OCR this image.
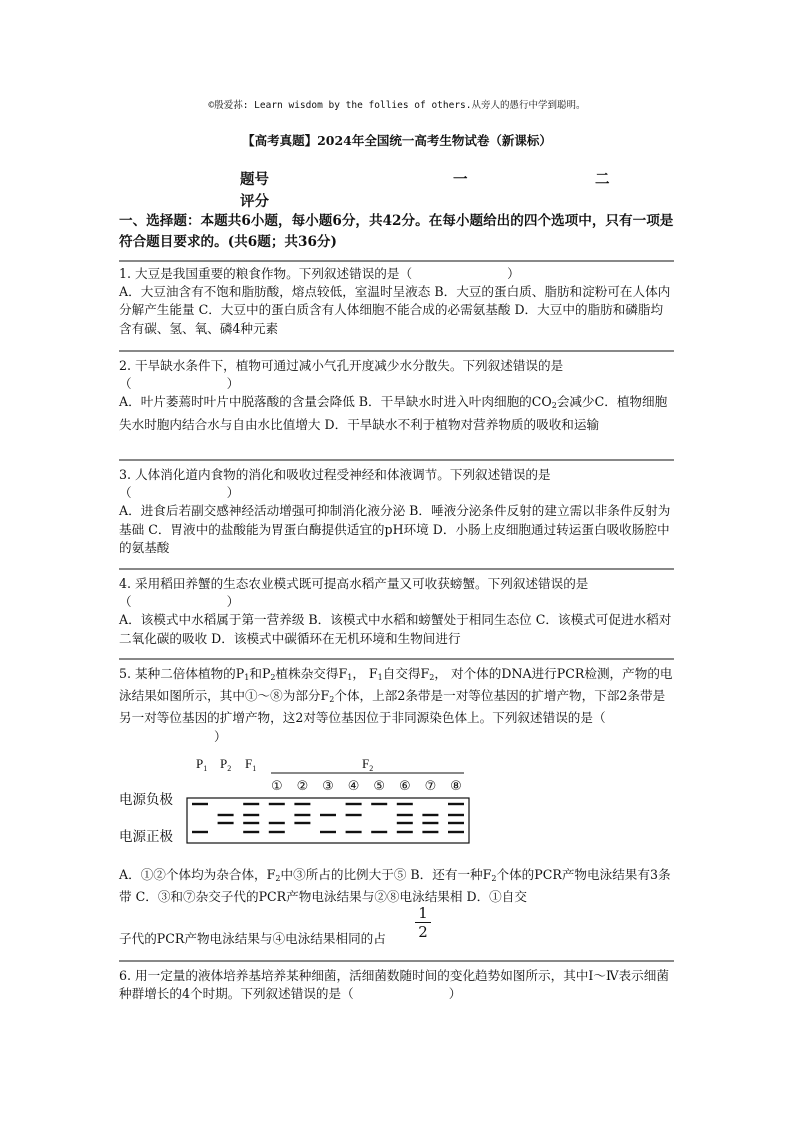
©殷爱荪: Learn wisdom by the follies of others.从旁人的愚行中学到聪明。
【高考真题】2024年全国统一高考生物试卷（新课标）
题号	一	二
评分
一、选择题：本题共6小题，每小题6分，共42分。在每小题给出的四个选项中，只有一项是符合题目要求的。(共6题；共36分)
1. 大豆是我国重要的粮食作物。下列叙述错误的是（	）
A．大豆油含有不饱和脂肪酸，熔点较低，室温时呈液态 B．大豆的蛋白质、脂肪和淀粉可在人体内分解产生能量 C．大豆中的蛋白质含有人体细胞不能合成的必需氨基酸 D．大豆中的脂肪和磷脂均含有碳、氢、氧、磷4种元素
2. 干旱缺水条件下，植物可通过减小气孔开度减少水分散失。下列叙述错误的是
（	）
A．叶片萎蔫时叶片中脱落酸的含量会降低 B．干旱缺水时进入叶肉细胞的$CO_2$会减少C．植物细胞失水时胞内结合水与自由水比值增大 D．干旱缺水不利于植物对营养物质的吸收和运输
3. 人体消化道内食物的消化和吸收过程受神经和体液调节。下列叙述错误的是
（	）
A．进食后若副交感神经活动增强可抑制消化液分泌 B．唾液分泌条件反射的建立需以非条件反射为基础 C．胃液中的盐酸能为胃蛋白酶提供适宜的pH环境 D．小肠上皮细胞通过转运蛋白吸收肠腔中的氨基酸
4. 采用稻田养蟹的生态农业模式既可提高水稻产量又可收获螃蟹。下列叙述错误的是
（	）
A．该模式中水稻属于第一营养级 B．该模式中水稻和螃蟹处于相同生态位 C．该模式可促进水稻对二氧化碳的吸收 D．该模式中碳循环在无机环境和生物间进行
5. 某种二倍体植物的$P_1$和$P_2$植株杂交得$F_1$， $F_1$自交得$F_2$， 对个体的DNA进行PCR检测，产物的电泳结果如图所示，其中①～⑧为部分$F_2$个体，上部2条带是一对等位基因的扩增产物，下部2条带是另一对等位基因的扩增产物，这2对等位基因位于非同源染色体上。下列叙述错误的是（）
$P_1$ $P_2$ $F_1$	$F_2$
① ② ③ ④ ⑤ ⑥ ⑦ ⑧
电源负极
电源正极
A．①②个体均为杂合体，$F_2$中③所占的比例大于⑤ B．还有一种$F_2$个体的PCR产物电泳结果有3条带 C．③和⑦杂交子代的PCR产物电泳结果与②⑧电泳结果相 D．①自交
子代的PCR产物电泳结果与④电泳结果相同的占	$\frac{1}{2}$
6. 用一定量的液体培养基培养某种细菌，活细菌数随时间的变化趋势如图所示，其中Ⅰ～Ⅳ表示细菌种群增长的4个时期。下列叙述错误的是（	）
